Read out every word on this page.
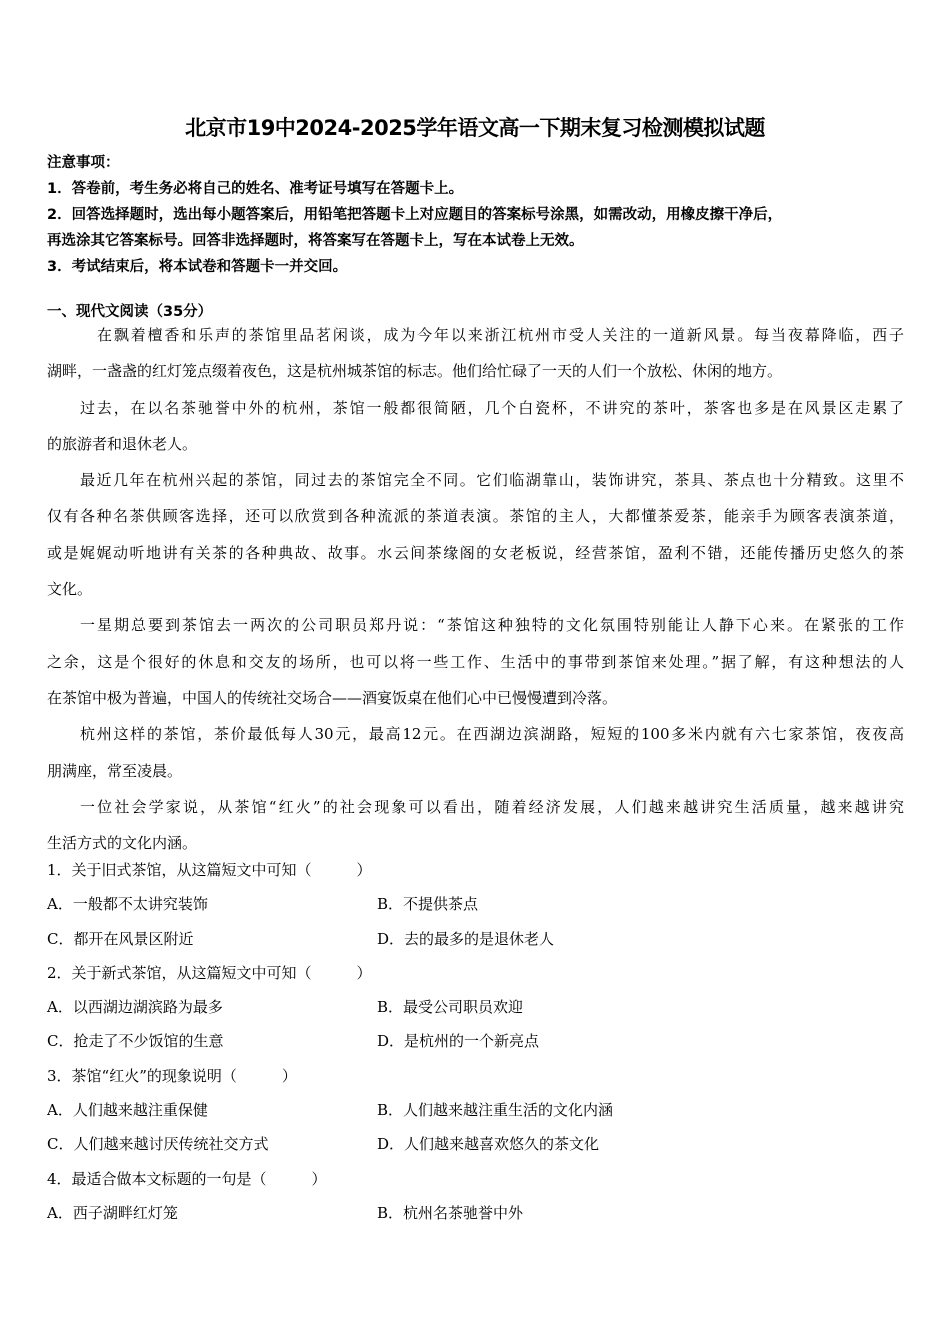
北京市19中2024-2025学年语文高一下期末复习检测模拟试题
注意事项：
1．答卷前，考生务必将自己的姓名、准考证号填写在答题卡上。
2．回答选择题时，选出每小题答案后，用铅笔把答题卡上对应题目的答案标号涂黑，如需改动，用橡皮擦干净后，
再选涂其它答案标号。回答非选择题时，将答案写在答题卡上，写在本试卷上无效。
3．考试结束后，将本试卷和答题卡一并交回。
一、现代文阅读（35分）
在飘着檀香和乐声的茶馆里品茗闲谈，成为今年以来浙江杭州市受人关注的一道新风景。每当夜幕降临，西子
湖畔，一盏盏的红灯笼点缀着夜色，这是杭州城茶馆的标志。他们给忙碌了一天的人们一个放松、休闲的地方。
过去，在以名茶驰誉中外的杭州，茶馆一般都很简陋，几个白瓷杯，不讲究的茶叶，茶客也多是在风景区走累了
的旅游者和退休老人。
最近几年在杭州兴起的茶馆，同过去的茶馆完全不同。它们临湖靠山，装饰讲究，茶具、茶点也十分精致。这里不
仅有各种名茶供顾客选择，还可以欣赏到各种流派的茶道表演。茶馆的主人，大都懂茶爱茶，能亲手为顾客表演茶道，
或是娓娓动听地讲有关茶的各种典故、故事。水云间茶缘阁的女老板说，经营茶馆，盈利不错，还能传播历史悠久的茶
文化。
一星期总要到茶馆去一两次的公司职员郑丹说：“茶馆这种独特的文化氛围特别能让人静下心来。在紧张的工作
之余，这是个很好的休息和交友的场所，也可以将一些工作、生活中的事带到茶馆来处理。”据了解，有这种想法的人
在茶馆中极为普遍，中国人的传统社交场合——酒宴饭桌在他们心中已慢慢遭到冷落。
杭州这样的茶馆，茶价最低每人30元，最高12元。在西湖边滨湖路，短短的100多米内就有六七家茶馆，夜夜高
朋满座，常至凌晨。
一位社会学家说，从茶馆“红火”的社会现象可以看出，随着经济发展，人们越来越讲究生活质量，越来越讲究
生活方式的文化内涵。
1．关于旧式茶馆，从这篇短文中可知（　　　）
A．一般都不太讲究装饰	B．不提供茶点
C．都开在风景区附近	D．去的最多的是退休老人
2．关于新式茶馆，从这篇短文中可知（　　　）
A．以西湖边湖滨路为最多	B．最受公司职员欢迎
C．抢走了不少饭馆的生意	D．是杭州的一个新亮点
3．茶馆“红火”的现象说明（　　　）
A．人们越来越注重保健	B．人们越来越注重生活的文化内涵
C．人们越来越讨厌传统社交方式	D．人们越来越喜欢悠久的茶文化
4．最适合做本文标题的一句是（　　　）
A．西子湖畔红灯笼	B．杭州名茶驰誉中外
